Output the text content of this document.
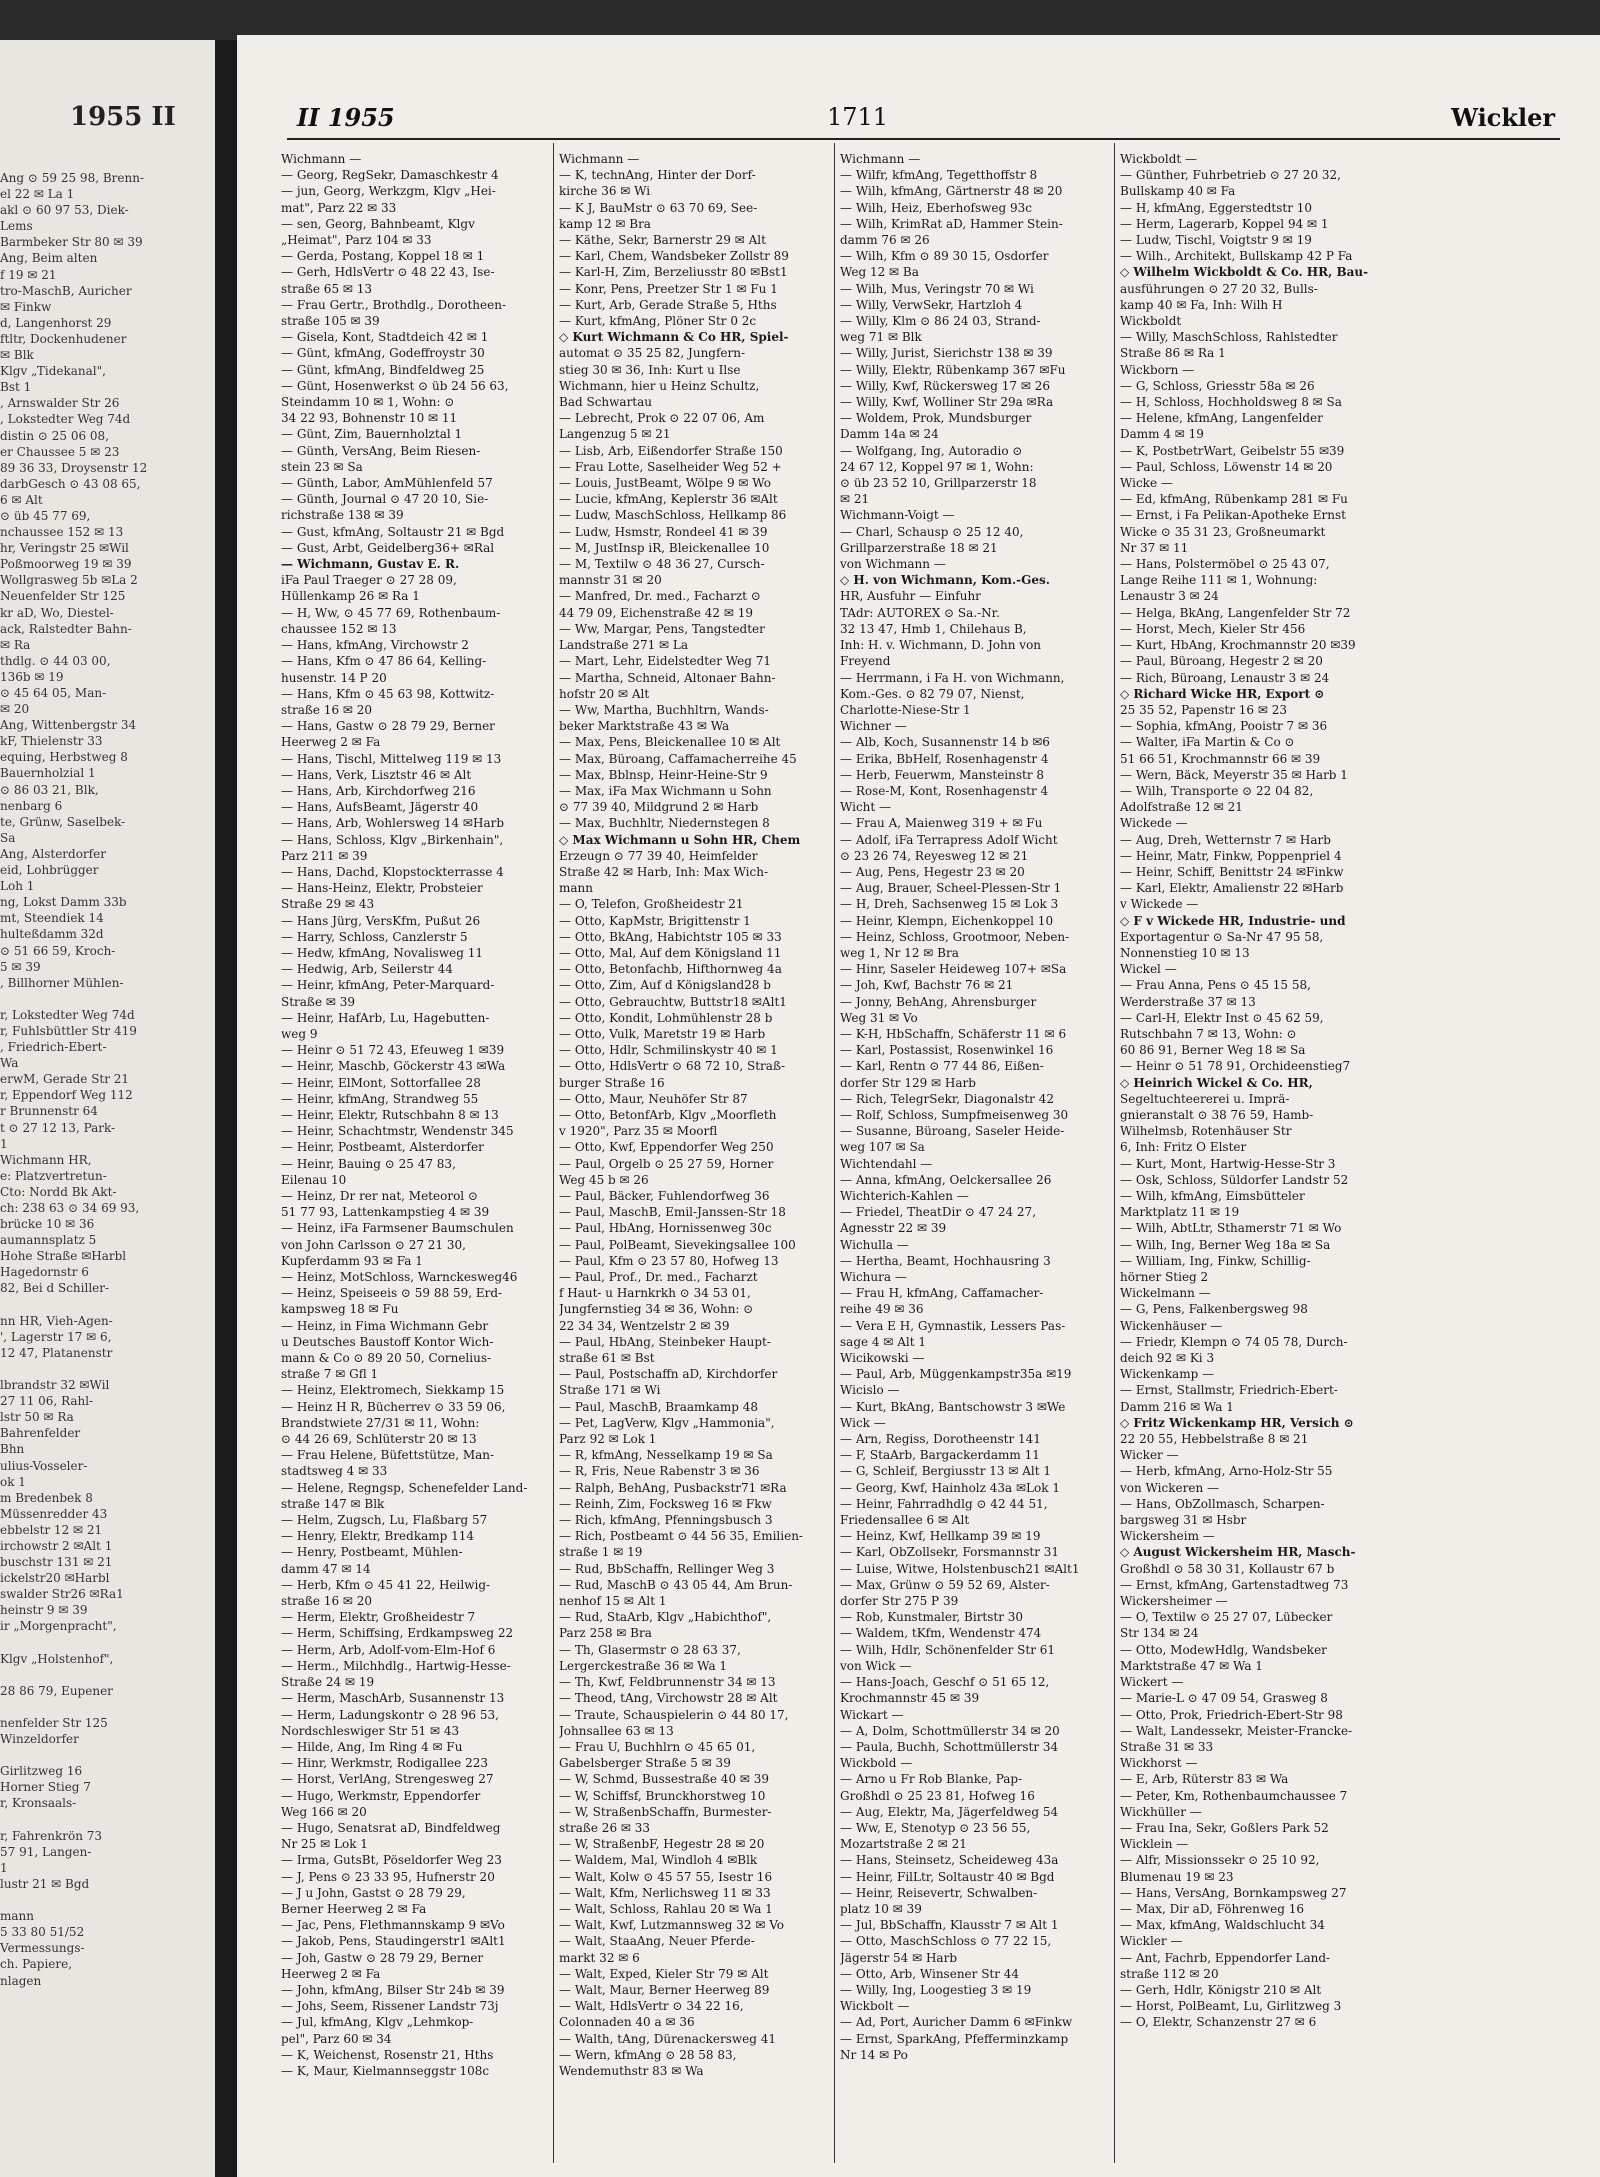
1955 II
Ang ⊙ 59 25 98, Brenn-
el 22 ✉ La 1
akl ⊙ 60 97 53, Diek-
Lems
Barmbeker Str 80 ✉ 39
Ang, Beim alten
f 19 ✉ 21
tro-MaschB, Auricher
✉ Finkw
d, Langenhorst 29
ftltr, Dockenhudener
✉ Blk
Klgv „Tidekanal",
Bst 1
, Arnswalder Str 26
, Lokstedter Weg 74d
distin ⊙ 25 06 08,
er Chaussee 5 ✉ 23
89 36 33, Droysenstr 12
darbGesch ⊙ 43 08 65,
6 ✉ Alt
⊙ üb 45 77 69,
nchaussee 152 ✉ 13
hr, Veringstr 25 ✉Wil
Poßmoorweg 19 ✉ 39
Wollgrasweg 5b ✉La 2
Neuenfelder Str 125
kr aD, Wo, Diestel-
ack, Ralstedter Bahn-
✉ Ra
thdlg. ⊙ 44 03 00,
136b ✉ 19
⊙ 45 64 05, Man-
✉ 20
Ang, Wittenbergstr 34
kF, Thielenstr 33
equing, Herbstweg 8
Bauernholzial 1
⊙ 86 03 21, Blk,
nenbarg 6
te, Grünw, Saselbek-
Sa
Ang, Alsterdorfer
eid, Lohbrügger
Loh 1
ng, Lokst Damm 33b
mt, Steendiek 14
hulteßdamm 32d
⊙ 51 66 59, Kroch-
5 ✉ 39
, Billhorner Mühlen-

r, Lokstedter Weg 74d
r, Fuhlsbüttler Str 419
, Friedrich-Ebert-
Wa
erwM, Gerade Str 21
r, Eppendorf Weg 112
r Brunnenstr 64
t ⊙ 27 12 13, Park-
1
Wichmann HR,
e: Platzvertretun-
Cto: Nordd Bk Akt-
ch: 238 63 ⊙ 34 69 93,
brücke 10 ✉ 36
aumannsplatz 5
Hohe Straße ✉Harbl
Hagedornstr 6
82, Bei d Schiller-

nn HR, Vieh-Agen-
', Lagerstr 17 ✉ 6,
12 47, Platanenstr

lbrandstr 32 ✉Wil
27 11 06, Rahl-
lstr 50 ✉ Ra
Bahrenfelder
Bhn
ulius-Vosseler-
ok 1
m Bredenbek 8
Müssenredder 43
ebbelstr 12 ✉ 21
irchowstr 2 ✉Alt 1
buschstr 131 ✉ 21
ickelstr20 ✉Harbl
swalder Str26 ✉Ra1
heinstr 9 ✉ 39
ir „Morgenpracht",

Klgv „Holstenhof",

28 86 79, Eupener

nenfelder Str 125
Winzeldorfer

Girlitzweg 16
Horner Stieg 7
r, Kronsaals-

r, Fahrenkrön 73
57 91, Langen-
1
lustr 21 ✉ Bgd

mann
5 33 80 51/52
Vermessungs-
ch. Papiere,
nlagen
II 1955	1711	Wickler
Wichmann —
— Georg, RegSekr, Damaschkestr 4
— jun, Georg, Werkzgm, Klgv „Hei-
mat", Parz 22 ✉ 33
— sen, Georg, Bahnbeamt, Klgv
„Heimat", Parz 104 ✉ 33
— Gerda, Postang, Koppel 18 ✉ 1
— Gerh, HdlsVertr ⊙ 48 22 43, Ise-
straße 65 ✉ 13
— Frau Gertr., Brothdlg., Dorotheen-
straße 105 ✉ 39
— Gisela, Kont, Stadtdeich 42 ✉ 1
— Günt, kfmAng, Godeffroystr 30
— Günt, kfmAng, Bindfeldweg 25
— Günt, Hosenwerkst ⊙ üb 24 56 63,
Steindamm 10 ✉ 1, Wohn: ⊙
34 22 93, Bohnenstr 10 ✉ 11
— Günt, Zim, Bauernholztal 1
— Günth, VersAng, Beim Riesen-
stein 23 ✉ Sa
— Günth, Labor, AmMühlenfeld 57
— Günth, Journal ⊙ 47 20 10, Sie-
richstraße 138 ✉ 39
— Gust, kfmAng, Soltaustr 21 ✉ Bgd
— Gust, Arbt, Geidelberg36+ ✉Ral
— Wichmann, Gustav E. R.
iFa Paul Traeger ⊙ 27 28 09,
Hüllenkamp 26 ✉ Ra 1
— H, Ww, ⊙ 45 77 69, Rothenbaum-
chaussee 152 ✉ 13
— Hans, kfmAng, Virchowstr 2
— Hans, Kfm ⊙ 47 86 64, Kelling-
husenstr. 14 P 20
— Hans, Kfm ⊙ 45 63 98, Kottwitz-
straße 16 ✉ 20
— Hans, Gastw ⊙ 28 79 29, Berner
Heerweg 2 ✉ Fa
— Hans, Tischl, Mittelweg 119 ✉ 13
— Hans, Verk, Lisztstr 46 ✉ Alt
— Hans, Arb, Kirchdorfweg 216
— Hans, AufsBeamt, Jägerstr 40
— Hans, Arb, Wohlersweg 14 ✉Harb
— Hans, Schloss, Klgv „Birkenhain",
Parz 211 ✉ 39
— Hans, Dachd, Klopstockterrasse 4
— Hans-Heinz, Elektr, Probsteier
Straße 29 ✉ 43
— Hans Jürg, VersKfm, Pußut 26
— Harry, Schloss, Canzlerstr 5
— Hedw, kfmAng, Novalisweg 11
— Hedwig, Arb, Seilerstr 44
— Heinr, kfmAng, Peter-Marquard-
Straße ✉ 39
— Heinr, HafArb, Lu, Hagebutten-
weg 9
— Heinr ⊙ 51 72 43, Efeuweg 1 ✉39
— Heinr, Maschb, Göckerstr 43 ✉Wa
— Heinr, ElMont, Sottorfallee 28
— Heinr, kfmAng, Strandweg 55
— Heinr, Elektr, Rutschbahn 8 ✉ 13
— Heinr, Schachtmstr, Wendenstr 345
— Heinr, Postbeamt, Alsterdorfer
— Heinr, Bauing ⊙ 25 47 83,
Eilenau 10
— Heinz, Dr rer nat, Meteorol ⊙
51 77 93, Lattenkampstieg 4 ✉ 39
— Heinz, iFa Farmsener Baumschulen
von John Carlsson ⊙ 27 21 30,
Kupferdamm 93 ✉ Fa 1
— Heinz, MotSchloss, Warnckesweg46
— Heinz, Speiseeis ⊙ 59 88 59, Erd-
kampsweg 18 ✉ Fu
— Heinz, in Fima Wichmann Gebr
u Deutsches Baustoff Kontor Wich-
mann & Co ⊙ 89 20 50, Cornelius-
straße 7 ✉ Gfl 1
— Heinz, Elektromech, Siekkamp 15
— Heinz H R, Bücherrev ⊙ 33 59 06,
Brandstwiete 27/31 ✉ 11, Wohn:
⊙ 44 26 69, Schlüterstr 20 ✉ 13
— Frau Helene, Büfettstütze, Man-
stadtsweg 4 ✉ 33
— Helene, Regngsp, Schenefelder Land-
straße 147 ✉ Blk
— Helm, Zugsch, Lu, Flaßbarg 57
— Henry, Elektr, Bredkamp 114
— Henry, Postbeamt, Mühlen-
damm 47 ✉ 14
— Herb, Kfm ⊙ 45 41 22, Heilwig-
straße 16 ✉ 20
— Herm, Elektr, Großheidestr 7
— Herm, Schiffsing, Erdkampsweg 22
— Herm, Arb, Adolf-vom-Elm-Hof 6
— Herm., Milchhdlg., Hartwig-Hesse-
Straße 24 ✉ 19
— Herm, MaschArb, Susannenstr 13
— Herm, Ladungskontr ⊙ 28 96 53,
Nordschleswiger Str 51 ✉ 43
— Hilde, Ang, Im Ring 4 ✉ Fu
— Hinr, Werkmstr, Rodigallee 223
— Horst, VerlAng, Strengesweg 27
— Hugo, Werkmstr, Eppendorfer
Weg 166 ✉ 20
— Hugo, Senatsrat aD, Bindfeldweg
Nr 25 ✉ Lok 1
— Irma, GutsBt, Pöseldorfer Weg 23
— J, Pens ⊙ 23 33 95, Hufnerstr 20
— J u John, Gastst ⊙ 28 79 29,
Berner Heerweg 2 ✉ Fa
— Jac, Pens, Flethmannskamp 9 ✉Vo
— Jakob, Pens, Staudingerstr1 ✉Alt1
— Joh, Gastw ⊙ 28 79 29, Berner
Heerweg 2 ✉ Fa
— John, kfmAng, Bilser Str 24b ✉ 39
— Johs, Seem, Rissener Landstr 73j
— Jul, kfmAng, Klgv „Lehmkop-
pel", Parz 60 ✉ 34
— K, Weichenst, Rosenstr 21, Hths
— K, Maur, Kielmannseggstr 108c
Wichmann —
— K, technAng, Hinter der Dorf-
kirche 36 ✉ Wi
— K J, BauMstr ⊙ 63 70 69, See-
kamp 12 ✉ Bra
— Käthe, Sekr, Barnerstr 29 ✉ Alt
— Karl, Chem, Wandsbeker Zollstr 89
— Karl-H, Zim, Berzeliusstr 80 ✉Bst1
— Konr, Pens, Preetzer Str 1 ✉ Fu 1
— Kurt, Arb, Gerade Straße 5, Hths
— Kurt, kfmAng, Plöner Str 0 2c
◇ Kurt Wichmann & Co HR, Spiel-
automat ⊙ 35 25 82, Jungfern-
stieg 30 ✉ 36, Inh: Kurt u Ilse
Wichmann, hier u Heinz Schultz,
Bad Schwartau
— Lebrecht, Prok ⊙ 22 07 06, Am
Langenzug 5 ✉ 21
— Lisb, Arb, Eißendorfer Straße 150
— Frau Lotte, Saselheider Weg 52 +
— Louis, JustBeamt, Wölpe 9 ✉ Wo
— Lucie, kfmAng, Keplerstr 36 ✉Alt
— Ludw, MaschSchloss, Hellkamp 86
— Ludw, Hsmstr, Rondeel 41 ✉ 39
— M, JustInsp iR, Bleickenallee 10
— M, Textilw ⊙ 48 36 27, Cursch-
mannstr 31 ✉ 20
— Manfred, Dr. med., Facharzt ⊙
44 79 09, Eichenstraße 42 ✉ 19
— Ww, Margar, Pens, Tangstedter
Landstraße 271 ✉ La
— Mart, Lehr, Eidelstedter Weg 71
— Martha, Schneid, Altonaer Bahn-
hofstr 20 ✉ Alt
— Ww, Martha, Buchhltrn, Wands-
beker Marktstraße 43 ✉ Wa
— Max, Pens, Bleickenallee 10 ✉ Alt
— Max, Büroang, Caffamacherreihe 45
— Max, Bblnsp, Heinr-Heine-Str 9
— Max, iFa Max Wichmann u Sohn
⊙ 77 39 40, Mildgrund 2 ✉ Harb
— Max, Buchhltr, Niedernstegen 8
◇ Max Wichmann u Sohn HR, Chem
Erzeugn ⊙ 77 39 40, Heimfelder
Straße 42 ✉ Harb, Inh: Max Wich-
mann
— O, Telefon, Großheidestr 21
— Otto, KapMstr, Brigittenstr 1
— Otto, BkAng, Habichtstr 105 ✉ 33
— Otto, Mal, Auf dem Königsland 11
— Otto, Betonfachb, Hifthornweg 4a
— Otto, Zim, Auf d Königsland28 b
— Otto, Gebrauchtw, Buttstr18 ✉Alt1
— Otto, Kondit, Lohmühlenstr 28 b
— Otto, Vulk, Maretstr 19 ✉ Harb
— Otto, Hdlr, Schmilinskystr 40 ✉ 1
— Otto, HdlsVertr ⊙ 68 72 10, Straß-
burger Straße 16
— Otto, Maur, Neuhöfer Str 87
— Otto, BetonfArb, Klgv „Moorfleth
v 1920", Parz 35 ✉ Moorfl
— Otto, Kwf, Eppendorfer Weg 250
— Paul, Orgelb ⊙ 25 27 59, Horner
Weg 45 b ✉ 26
— Paul, Bäcker, Fuhlendorfweg 36
— Paul, MaschB, Emil-Janssen-Str 18
— Paul, HbAng, Hornissenweg 30c
— Paul, PolBeamt, Sievekingsallee 100
— Paul, Kfm ⊙ 23 57 80, Hofweg 13
— Paul, Prof., Dr. med., Facharzt
f Haut- u Harnkrkh ⊙ 34 53 01,
Jungfernstieg 34 ✉ 36, Wohn: ⊙
22 34 34, Wentzelstr 2 ✉ 39
— Paul, HbAng, Steinbeker Haupt-
straße 61 ✉ Bst
— Paul, Postschaffn aD, Kirchdorfer
Straße 171 ✉ Wi
— Paul, MaschB, Braamkamp 48
— Pet, LagVerw, Klgv „Hammonia",
Parz 92 ✉ Lok 1
— R, kfmAng, Nesselkamp 19 ✉ Sa
— R, Fris, Neue Rabenstr 3 ✉ 36
— Ralph, BehAng, Pusbackstr71 ✉Ra
— Reinh, Zim, Focksweg 16 ✉ Fkw
— Rich, kfmAng, Pfenningsbusch 3
— Rich, Postbeamt ⊙ 44 56 35, Emilien-
straße 1 ✉ 19
— Rud, BbSchaffn, Rellinger Weg 3
— Rud, MaschB ⊙ 43 05 44, Am Brun-
nenhof 15 ✉ Alt 1
— Rud, StaArb, Klgv „Habichthof",
Parz 258 ✉ Bra
— Th, Glasermstr ⊙ 28 63 37,
Lergerckestraße 36 ✉ Wa 1
— Th, Kwf, Feldbrunnenstr 34 ✉ 13
— Theod, tAng, Virchowstr 28 ✉ Alt
— Traute, Schauspielerin ⊙ 44 80 17,
Johnsallee 63 ✉ 13
— Frau U, Buchhlrn ⊙ 45 65 01,
Gabelsberger Straße 5 ✉ 39
— W, Schmd, Bussestraße 40 ✉ 39
— W, Schiffsf, Brunckhorstweg 10
— W, StraßenbSchaffn, Burmester-
straße 26 ✉ 33
— W, StraßenbF, Hegestr 28 ✉ 20
— Waldem, Mal, Windloh 4 ✉Blk
— Walt, Kolw ⊙ 45 57 55, Isestr 16
— Walt, Kfm, Nerlichsweg 11 ✉ 33
— Walt, Schloss, Rahlau 20 ✉ Wa 1
— Walt, Kwf, Lutzmannsweg 32 ✉ Vo
— Walt, StaaAng, Neuer Pferde-
markt 32 ✉ 6
— Walt, Exped, Kieler Str 79 ✉ Alt
— Walt, Maur, Berner Heerweg 89
— Walt, HdlsVertr ⊙ 34 22 16,
Colonnaden 40 a ✉ 36
— Walth, tAng, Dürenackersweg 41
— Wern, kfmAng ⊙ 28 58 83,
Wendemuthstr 83 ✉ Wa
Wichmann —
— Wilfr, kfmAng, Tegetthoffstr 8
— Wilh, kfmAng, Gärtnerstr 48 ✉ 20
— Wilh, Heiz, Eberhofsweg 93c
— Wilh, KrimRat aD, Hammer Stein-
damm 76 ✉ 26
— Wilh, Kfm ⊙ 89 30 15, Osdorfer
Weg 12 ✉ Ba
— Wilh, Mus, Veringstr 70 ✉ Wi
— Willy, VerwSekr, Hartzloh 4
— Willy, Klm ⊙ 86 24 03, Strand-
weg 71 ✉ Blk
— Willy, Jurist, Sierichstr 138 ✉ 39
— Willy, Elektr, Rübenkamp 367 ✉Fu
— Willy, Kwf, Rückersweg 17 ✉ 26
— Willy, Kwf, Wolliner Str 29a ✉Ra
— Woldem, Prok, Mundsburger
Damm 14a ✉ 24
— Wolfgang, Ing, Autoradio ⊙
24 67 12, Koppel 97 ✉ 1, Wohn:
⊙ üb 23 52 10, Grillparzerstr 18
✉ 21
Wichmann-Voigt —
— Charl, Schausp ⊙ 25 12 40,
Grillparzerstraße 18 ✉ 21
von Wichmann —
◇ H. von Wichmann, Kom.-Ges.
HR, Ausfuhr — Einfuhr
TAdr: AUTOREX ⊙ Sa.-Nr.
32 13 47, Hmb 1, Chilehaus B,
Inh: H. v. Wichmann, D. John von
Freyend
— Herrmann, i Fa H. von Wichmann,
Kom.-Ges. ⊙ 82 79 07, Nienst,
Charlotte-Niese-Str 1
Wichner —
— Alb, Koch, Susannenstr 14 b ✉6
— Erika, BbHelf, Rosenhagenstr 4
— Herb, Feuerwm, Mansteinstr 8
— Rose-M, Kont, Rosenhagenstr 4
Wicht —
— Frau A, Maienweg 319 + ✉ Fu
— Adolf, iFa Terrapress Adolf Wicht
⊙ 23 26 74, Reyesweg 12 ✉ 21
— Aug, Pens, Hegestr 23 ✉ 20
— Aug, Brauer, Scheel-Plessen-Str 1
— H, Dreh, Sachsenweg 15 ✉ Lok 3
— Heinr, Klempn, Eichenkoppel 10
— Heinz, Schloss, Grootmoor, Neben-
weg 1, Nr 12 ✉ Bra
— Hinr, Saseler Heideweg 107+ ✉Sa
— Joh, Kwf, Bachstr 76 ✉ 21
— Jonny, BehAng, Ahrensburger
Weg 31 ✉ Vo
— K-H, HbSchaffn, Schäferstr 11 ✉ 6
— Karl, Postassist, Rosenwinkel 16
— Karl, Rentn ⊙ 77 44 86, Eißen-
dorfer Str 129 ✉ Harb
— Rich, TelegrSekr, Diagonalstr 42
— Rolf, Schloss, Sumpfmeisenweg 30
— Susanne, Büroang, Saseler Heide-
weg 107 ✉ Sa
Wichtendahl —
— Anna, kfmAng, Oelckersallee 26
Wichterich-Kahlen —
— Friedel, TheatDir ⊙ 47 24 27,
Agnesstr 22 ✉ 39
Wichulla —
— Hertha, Beamt, Hochhausring 3
Wichura —
— Frau H, kfmAng, Caffamacher-
reihe 49 ✉ 36
— Vera E H, Gymnastik, Lessers Pas-
sage 4 ✉ Alt 1
Wicikowski —
— Paul, Arb, Müggenkampstr35a ✉19
Wicislo —
— Kurt, BkAng, Bantschowstr 3 ✉We
Wick —
— Arn, Regiss, Dorotheenstr 141
— F, StaArb, Bargackerdamm 11
— G, Schleif, Bergiusstr 13 ✉ Alt 1
— Georg, Kwf, Hainholz 43a ✉Lok 1
— Heinr, Fahrradhdlg ⊙ 42 44 51,
Friedensallee 6 ✉ Alt
— Heinz, Kwf, Hellkamp 39 ✉ 19
— Karl, ObZollsekr, Forsmannstr 31
— Luise, Witwe, Holstenbusch21 ✉Alt1
— Max, Grünw ⊙ 59 52 69, Alster-
dorfer Str 275 P 39
— Rob, Kunstmaler, Birtstr 30
— Waldem, tKfm, Wendenstr 474
— Wilh, Hdlr, Schönenfelder Str 61
von Wick —
— Hans-Joach, Geschf ⊙ 51 65 12,
Krochmannstr 45 ✉ 39
Wickart —
— A, Dolm, Schottmüllerstr 34 ✉ 20
— Paula, Buchh, Schottmüllerstr 34
Wickbold —
— Arno u Fr Rob Blanke, Pap-
Großhdl ⊙ 25 23 81, Hofweg 16
— Aug, Elektr, Ma, Jägerfeldweg 54
— Ww, E, Stenotyp ⊙ 23 56 55,
Mozartstraße 2 ✉ 21
— Hans, Steinsetz, Scheideweg 43a
— Heinr, FilLtr, Soltaustr 40 ✉ Bgd
— Heinr, Reisevertr, Schwalben-
platz 10 ✉ 39
— Jul, BbSchaffn, Klausstr 7 ✉ Alt 1
— Otto, MaschSchloss ⊙ 77 22 15,
Jägerstr 54 ✉ Harb
— Otto, Arb, Winsener Str 44
— Willy, Ing, Loogestieg 3 ✉ 19
Wickbolt —
— Ad, Port, Auricher Damm 6 ✉Finkw
— Ernst, SparkAng, Pfefferminzkamp
Nr 14 ✉ Po
Wickboldt —
— Günther, Fuhrbetrieb ⊙ 27 20 32,
Bullskamp 40 ✉ Fa
— H, kfmAng, Eggerstedtstr 10
— Herm, Lagerarb, Koppel 94 ✉ 1
— Ludw, Tischl, Voigtstr 9 ✉ 19
— Wilh., Architekt, Bullskamp 42 P Fa
◇ Wilhelm Wickboldt & Co. HR, Bau-
ausführungen ⊙ 27 20 32, Bulls-
kamp 40 ✉ Fa, Inh: Wilh H
Wickboldt
— Willy, MaschSchloss, Rahlstedter
Straße 86 ✉ Ra 1
Wickborn —
— G, Schloss, Griesstr 58a ✉ 26
— H, Schloss, Hochholdsweg 8 ✉ Sa
— Helene, kfmAng, Langenfelder
Damm 4 ✉ 19
— K, PostbetrWart, Geibelstr 55 ✉39
— Paul, Schloss, Löwenstr 14 ✉ 20
Wicke —
— Ed, kfmAng, Rübenkamp 281 ✉ Fu
— Ernst, i Fa Pelikan-Apotheke Ernst
Wicke ⊙ 35 31 23, Großneumarkt
Nr 37 ✉ 11
— Hans, Polstermöbel ⊙ 25 43 07,
Lange Reihe 111 ✉ 1, Wohnung:
Lenaustr 3 ✉ 24
— Helga, BkAng, Langenfelder Str 72
— Horst, Mech, Kieler Str 456
— Kurt, HbAng, Krochmannstr 20 ✉39
— Paul, Büroang, Hegestr 2 ✉ 20
— Rich, Büroang, Lenaustr 3 ✉ 24
◇ Richard Wicke HR, Export ⊙
25 35 52, Papenstr 16 ✉ 23
— Sophia, kfmAng, Pooistr 7 ✉ 36
— Walter, iFa Martin & Co ⊙
51 66 51, Krochmannstr 66 ✉ 39
— Wern, Bäck, Meyerstr 35 ✉ Harb 1
— Wilh, Transporte ⊙ 22 04 82,
Adolfstraße 12 ✉ 21
Wickede —
— Aug, Dreh, Wetternstr 7 ✉ Harb
— Heinr, Matr, Finkw, Poppenpriel 4
— Heinr, Schiff, Benittstr 24 ✉Finkw
— Karl, Elektr, Amalienstr 22 ✉Harb
v Wickede —
◇ F v Wickede HR, Industrie- und
Exportagentur ⊙ Sa-Nr 47 95 58,
Nonnenstieg 10 ✉ 13
Wickel —
— Frau Anna, Pens ⊙ 45 15 58,
Werderstraße 37 ✉ 13
— Carl-H, Elektr Inst ⊙ 45 62 59,
Rutschbahn 7 ✉ 13, Wohn: ⊙
60 86 91, Berner Weg 18 ✉ Sa
— Heinr ⊙ 51 78 91, Orchideenstieg7
◇ Heinrich Wickel & Co. HR,
Segeltuchteererei u. Imprä-
gnieranstalt ⊙ 38 76 59, Hamb-
Wilhelmsb, Rotenhäuser Str
6, Inh: Fritz O Elster
— Kurt, Mont, Hartwig-Hesse-Str 3
— Osk, Schloss, Süldorfer Landstr 52
— Wilh, kfmAng, Eimsbütteler
Marktplatz 11 ✉ 19
— Wilh, AbtLtr, Sthamerstr 71 ✉ Wo
— Wilh, Ing, Berner Weg 18a ✉ Sa
— William, Ing, Finkw, Schillig-
hörner Stieg 2
Wickelmann —
— G, Pens, Falkenbergsweg 98
Wickenhäuser —
— Friedr, Klempn ⊙ 74 05 78, Durch-
deich 92 ✉ Ki 3
Wickenkamp —
— Ernst, Stallmstr, Friedrich-Ebert-
Damm 216 ✉ Wa 1
◇ Fritz Wickenkamp HR, Versich ⊙
22 20 55, Hebbelstraße 8 ✉ 21
Wicker —
— Herb, kfmAng, Arno-Holz-Str 55
von Wickeren —
— Hans, ObZollmasch, Scharpen-
bargsweg 31 ✉ Hsbr
Wickersheim —
◇ August Wickersheim HR, Masch-
Großhdl ⊙ 58 30 31, Kollaustr 67 b
— Ernst, kfmAng, Gartenstadtweg 73
Wickersheimer —
— O, Textilw ⊙ 25 27 07, Lübecker
Str 134 ✉ 24
— Otto, ModewHdlg, Wandsbeker
Marktstraße 47 ✉ Wa 1
Wickert —
— Marie-L ⊙ 47 09 54, Grasweg 8
— Otto, Prok, Friedrich-Ebert-Str 98
— Walt, Landessekr, Meister-Francke-
Straße 31 ✉ 33
Wickhorst —
— E, Arb, Rüterstr 83 ✉ Wa
— Peter, Km, Rothenbaumchaussee 7
Wickhüller —
— Frau Ina, Sekr, Goßlers Park 52
Wicklein —
— Alfr, Missionssekr ⊙ 25 10 92,
Blumenau 19 ✉ 23
— Hans, VersAng, Bornkampsweg 27
— Max, Dir aD, Föhrenweg 16
— Max, kfmAng, Waldschlucht 34
Wickler —
— Ant, Fachrb, Eppendorfer Land-
straße 112 ✉ 20
— Gerh, Hdlr, Königstr 210 ✉ Alt
— Horst, PolBeamt, Lu, Girlitzweg 3
— O, Elektr, Schanzenstr 27 ✉ 6
